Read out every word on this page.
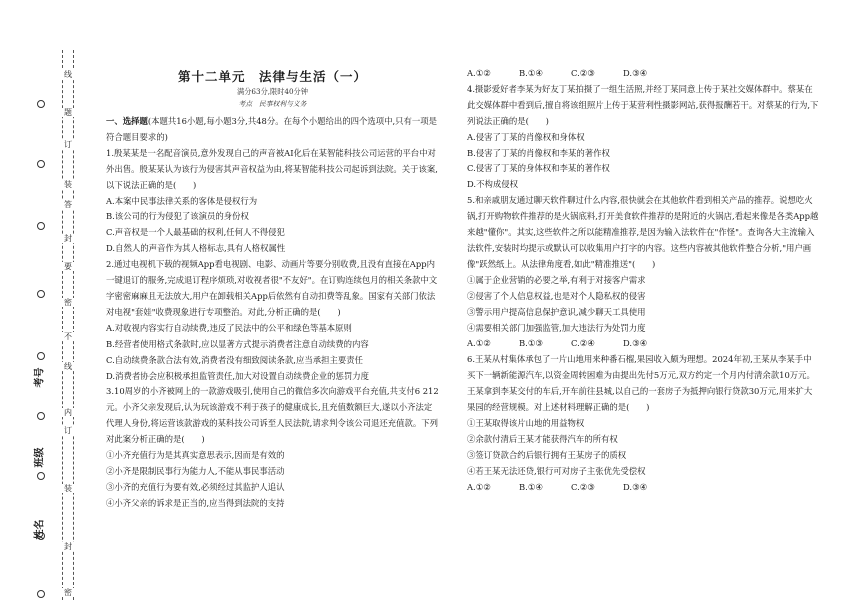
线
题
订
答
装
要
封
不
密
内
线
订
装
封
密
考号
班级
姓名
第十二单元　法律与生活（一）
满分63分,限时40分钟
考点　民事权利与义务

一、选择题(本题共16小题,每小题3分,共48分。在每个小题给出的四个选项中,只有一项是符合题目要求的)

1.殷某某是一名配音演员,意外发现自己的声音被AI化后在某智能科技公司运营的平台中对外出售。殷某某认为该行为侵害其声音权益为由,将某智能科技公司起诉到法院。关于该案,以下说法正确的是(　　)

A.本案中民事法律关系的客体是侵权行为

B.该公司的行为侵犯了该演员的身份权

C.声音权是一个人最基础的权利,任何人不得侵犯

D.自然人的声音作为其人格标志,具有人格权属性

2.通过电视机下载的视频App看电视剧、电影、动画片等要分别收费,且没有直接在App内一键退订的服务,完成退订程序烦琐,对收视者很"不友好"。在订购连续包月的相关条款中文字密密麻麻且无法放大,用户在卸载相关App后依然有自动扣费等乱象。国家有关部门依法对电视"套娃"收费现象进行专项整治。对此,分析正确的是(　　)

A.对收视内容实行自动续费,违反了民法中的公平和绿色等基本原则

B.经营者使用格式条款时,应以显著方式提示消费者注意自动续费的内容

C.自动续费条款合法有效,消费者没有细致阅读条款,应当承担主要责任

D.消费者协会应积极承担监管责任,加大对设置自动续费企业的惩罚力度

3.10周岁的小齐被网上的一款游戏吸引,使用自己的微信多次向游戏平台充值,共支付6 212元。小齐父亲发现后,认为玩该游戏不利于孩子的健康成长,且充值数额巨大,遂以小齐法定代理人身份,将运营该款游戏的某科技公司诉至人民法院,请求判令该公司退还充值款。下列对此案分析正确的是(　　)

①小齐充值行为是其真实意思表示,因而是有效的

②小齐是限制民事行为能力人,不能从事民事活动

③小齐的充值行为要有效,必须经过其监护人追认

④小齐父亲的诉求是正当的,应当得到法院的支持

A.①②	B.①④	C.②③	D.③④

4.摄影爱好者李某为好友丁某拍摄了一组生活照,并经丁某同意上传于某社交媒体群中。蔡某在此交媒体群中看到后,擅自将该组照片上传于某营利性摄影网站,获得报酬若干。对蔡某的行为,下列说法正确的是(　　)

A.侵害了丁某的肖像权和身体权

B.侵害了丁某的肖像权和李某的著作权

C.侵害了丁某的身体权和李某的著作权

D.不构成侵权

5.和亲戚朋友通过聊天软件聊过什么内容,很快就会在其他软件看到相关产品的推荐。说想吃火锅,打开购物软件推荐的是火锅底料,打开美食软件推荐的是附近的火锅店,看起来像是各类App越来越"懂你"。其实,这些软件之所以能精准推荐,是因为输入法软件在"作怪"。查询各大主流输入法软件,安装时均提示或默认可以收集用户打字的内容。这些内容被其他软件整合分析,"用户画像"跃然纸上。从法律角度看,如此"精准推送"(　　)

①属于企业营销的必要之举,有利于对接客户需求

②侵害了个人信息权益,也是对个人隐私权的侵害

③警示用户提高信息保护意识,减少聊天工具使用

④需要相关部门加强监管,加大违法行为处罚力度

A.①②	B.①③	C.②④	D.③④

6.王某从村集体承包了一片山地用来种番石榴,果园收入颇为理想。2024年初,王某从李某手中买下一辆新能源汽车,以资金周转困难为由提出先付5万元,双方约定一个月内付清余款10万元。王某拿到李某交付的车后,开车前往县城,以自己的一套房子为抵押向银行贷款30万元,用来扩大果园的经营规模。对上述材料理解正确的是(　　)

①王某取得该片山地的用益物权

②余款付清后王某才能获得汽车的所有权

③签订贷款合约后银行拥有王某房子的质权

④若王某无法还贷,银行可对房子主张优先受偿权

A.①②	B.①④	C.②③	D.③④
